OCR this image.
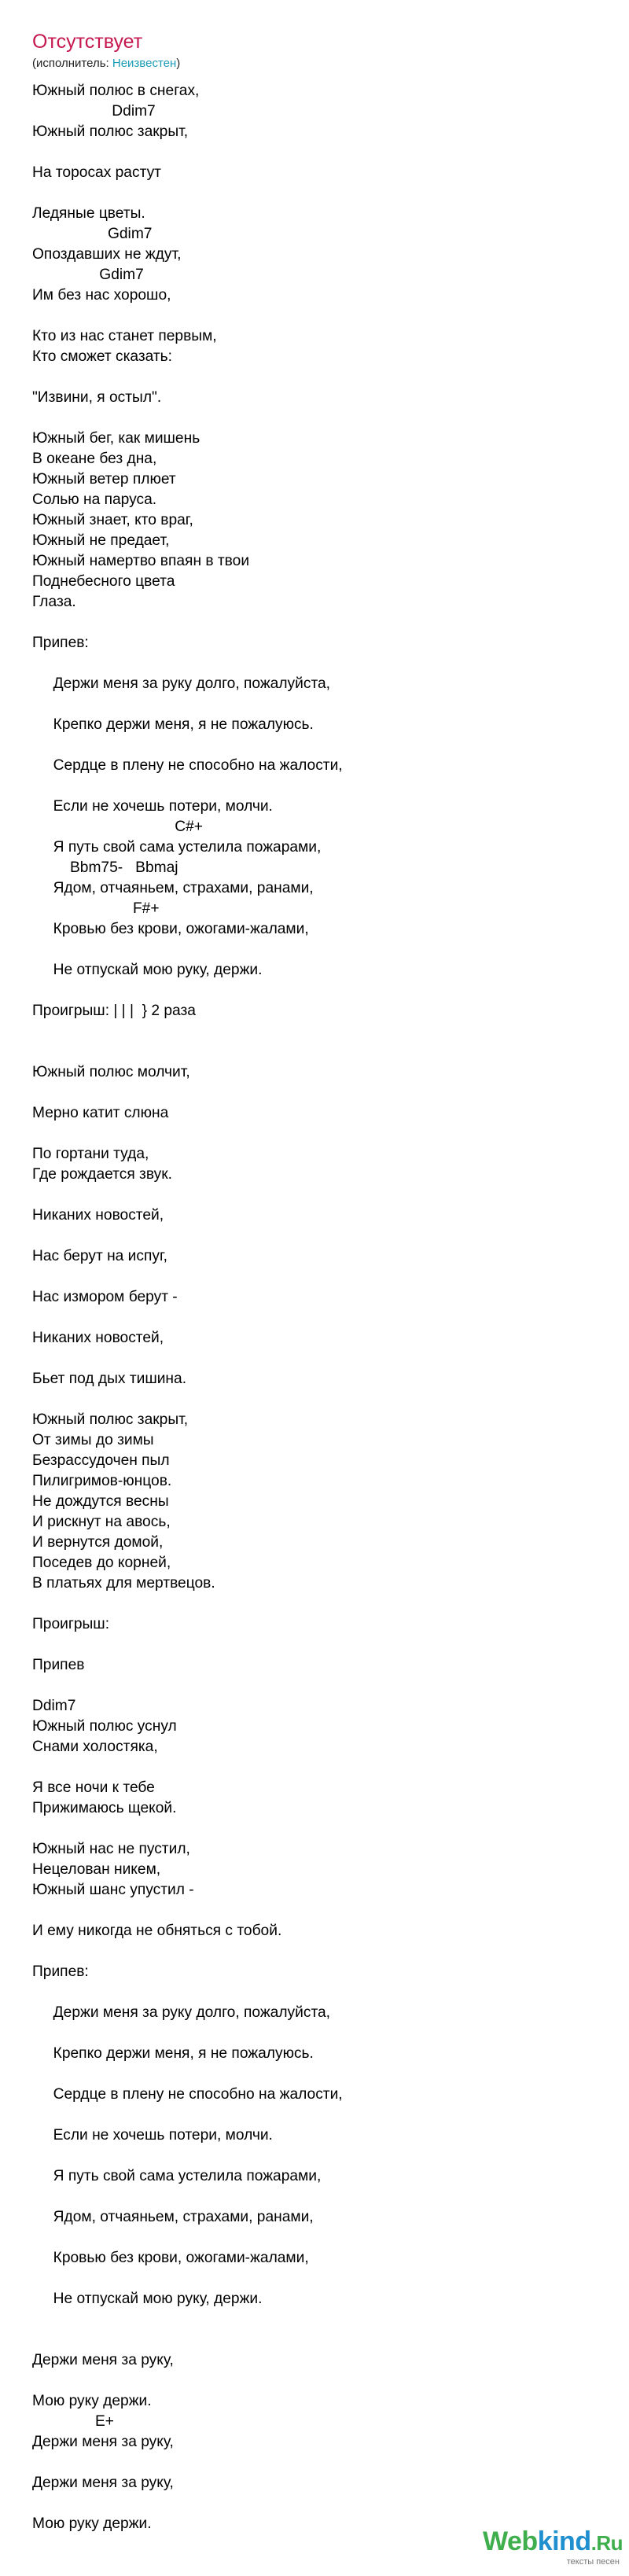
Отсутствует
(исполнитель: Неизвестен)
Южный полюс в снегах,
Ddim7
Южный полюс закрыт,

На торосах растут

Ледяные цветы.
Gdim7
Опоздавших не ждут,
Gdim7
Им без нас хорошо,

Кто из нас станет первым,
Кто сможет сказать:

"Извини, я остыл".

Южный бег, как мишень
В океане без дна,
Южный ветер плюет
Солью на паруса.
Южный знает, кто враг,
Южный не предает,
Южный намертво впаян в твои
Поднебесного цвета
Глаза.

Припев:

Держи меня за руку долго, пожалуйста,

Крепко держи меня, я не пожалуюсь.

Сердце в плену не способно на жалости,

Если не хочешь потери, молчи.
C#+
Я путь свой сама устелила пожарами,
Bbm75-   Bbmaj
Ядом, отчаяньем, страхами, ранами,
F#+
Кровью без крови, ожогами-жалами,

Не отпускай мою руку, держи.

Проигрыш: | | |  } 2 раза

Южный полюс молчит,

Мерно катит слюна

По гортани туда,
Где рождается звук.

Никаних новостей,

Нас берут на испуг,

Нас измором берут -

Никаних новостей,

Бьет под дых тишина.

Южный полюс закрыт,
От зимы до зимы
Безрассудочен пыл
Пилигримов-юнцов.
Не дождутся весны
И рискнут на авось,
И вернутся домой,
Поседев до корней,
В платьях для мертвецов.

Проигрыш:

Припев

Ddim7
Южный полюс уснул
Снами холостяка,

Я все ночи к тебе
Прижимаюсь щекой.

Южный нас не пустил,
Нецелован никем,
Южный шанс упустил -

И ему никогда не обняться с тобой.

Припев:

Держи меня за руку долго, пожалуйста,

Крепко держи меня, я не пожалуюсь.

Сердце в плену не способно на жалости,

Если не хочешь потери, молчи.

Я путь свой сама устелила пожарами,

Ядом, отчаяньем, страхами, ранами,

Кровью без крови, ожогами-жалами,

Не отпускай мою руку, держи.

Держи меня за руку,

Мою руку держи.
E+
Держи меня за руку,

Держи меня за руку,

Мою руку держи.
Webkind.Ru
тексты песен
